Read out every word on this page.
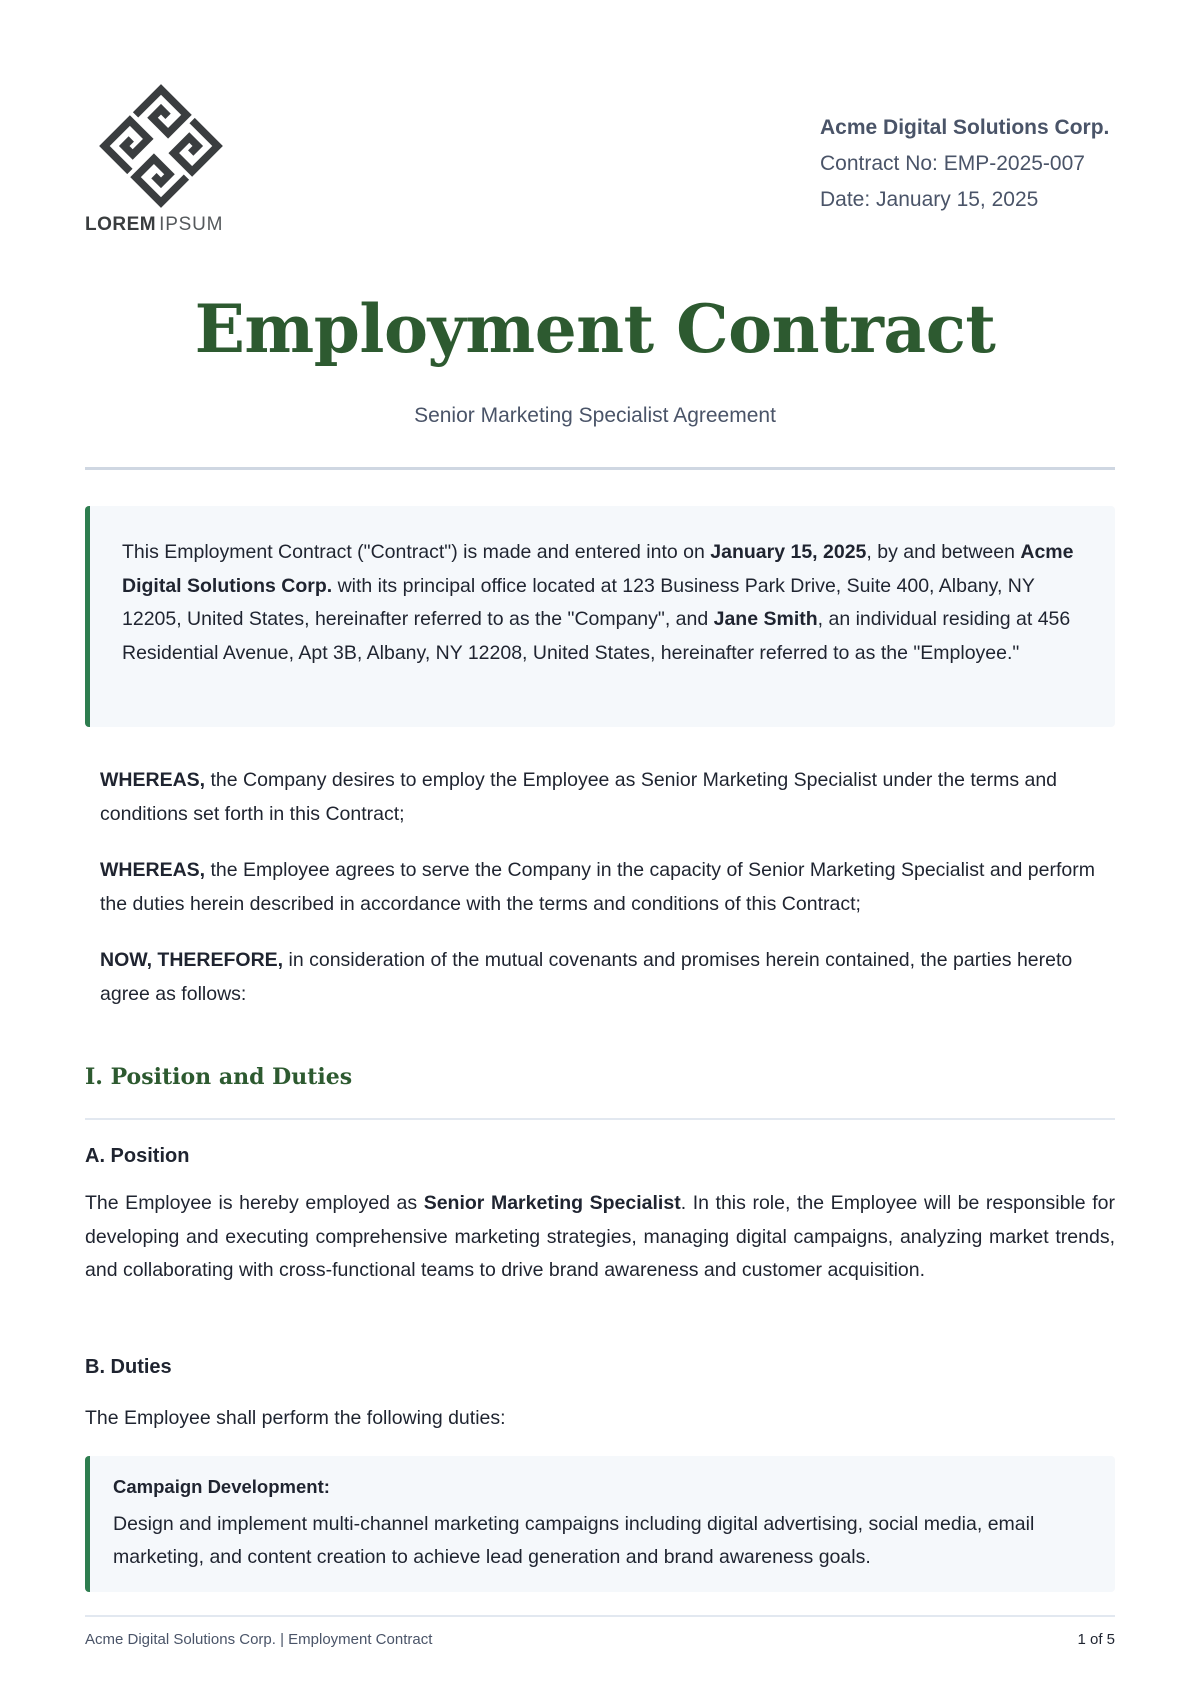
LOREM IPSUM
Acme Digital Solutions Corp.
Contract No: EMP-2025-007
Date: January 15, 2025
Employment Contract
Senior Marketing Specialist Agreement

This Employment Contract ("Contract") is made and entered into on January 15, 2025, by and between Acme Digital Solutions Corp. with its principal office located at 123 Business Park Drive, Suite 400, Albany, NY 12205, United States, hereinafter referred to as the "Company", and Jane Smith, an individual residing at 456 Residential Avenue, Apt 3B, Albany, NY 12208, United States, hereinafter referred to as the "Employee."

WHEREAS, the Company desires to employ the Employee as Senior Marketing Specialist under the terms and conditions set forth in this Contract;

WHEREAS, the Employee agrees to serve the Company in the capacity of Senior Marketing Specialist and perform the duties herein described in accordance with the terms and conditions of this Contract;

NOW, THEREFORE, in consideration of the mutual covenants and promises herein contained, the parties hereto agree as follows:

I. Position and Duties
A. Position

The Employee is hereby employed as Senior Marketing Specialist. In this role, the Employee will be responsible for developing and executing comprehensive marketing strategies, managing digital campaigns, analyzing market trends, and collaborating with cross-functional teams to drive brand awareness and customer acquisition.

B. Duties

The Employee shall perform the following duties:

Campaign Development:
Design and implement multi-channel marketing campaigns including digital advertising, social media, email marketing, and content creation to achieve lead generation and brand awareness goals.
Acme Digital Solutions Corp. | Employment Contract	1 of 5
